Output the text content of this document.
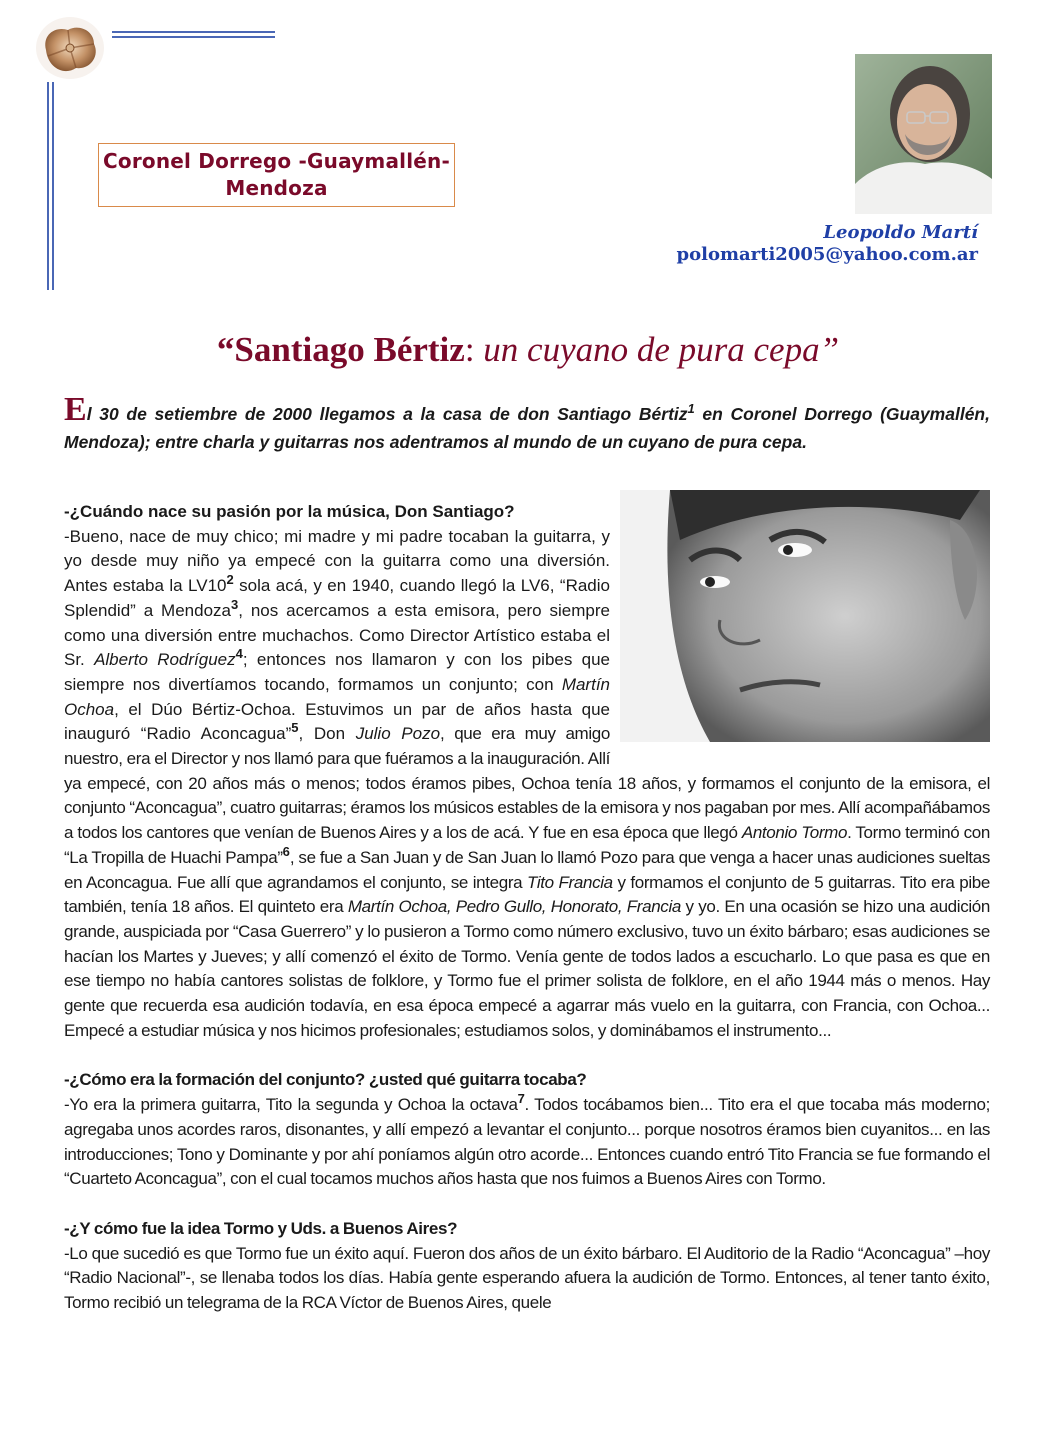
Coronel Dorrego -Guaymallén-
Mendoza
Leopoldo Martí
polomarti2005@yahoo.com.ar
“Santiago Bértiz: un cuyano de pura cepa”
El 30 de setiembre de 2000 llegamos a la casa de don Santiago Bértiz$^1$ en Coronel Dorrego (Guaymallén, Mendoza); entre charla y guitarras nos adentramos al mundo de un cuyano de pura cepa.

-¿Cuándo nace su pasión por la música, Don Santiago?

-Bueno, nace de muy chico; mi madre y mi padre tocaban la guitarra, y yo desde muy niño ya empecé con la guitarra como una diversión. Antes estaba la $LV10^2$ sola acá, y en 1940, cuando llegó la LV6, “Radio Splendid” a Mendoza$^3$, nos acercamos a esta emisora, pero siempre como una diversión entre muchachos. Como Director Artístico estaba el Sr. Alberto Rodríguez$^4$; entonces nos llamaron y con los pibes que siempre nos divertíamos tocando, formamos un conjunto; con Martín Ochoa, el Dúo Bértiz-Ochoa. Estuvimos un par de años hasta que inauguró “Radio Aconcagua”$^5$, Don Julio Pozo, que era muy amigo nuestro, era el Director y nos llamó para que fuéramos a la inauguración. Allí ya empecé, con 20 años más o menos; todos éramos pibes, Ochoa tenía 18 años, y formamos el conjunto de la emisora, el conjunto “Aconcagua”, cuatro guitarras; éramos los músicos estables de la emisora y nos pagaban por mes. Allí acompañábamos a todos los cantores que venían de Buenos Aires y a los de acá. Y fue en esa época que llegó Antonio Tormo. Tormo terminó con “La Tropilla de Huachi Pampa”$^6$, se fue a San Juan y de San Juan lo llamó Pozo para que venga a hacer unas audiciones sueltas en Aconcagua. Fue allí que agrandamos el conjunto, se integra Tito Francia y formamos el conjunto de 5 guitarras. Tito era pibe también, tenía 18 años. El quinteto era Martín Ochoa, Pedro Gullo, Honorato, Francia y yo. En una ocasión se hizo una audición grande, auspiciada por “Casa Guerrero” y lo pusieron a Tormo como número exclusivo, tuvo un éxito bárbaro; esas audiciones se hacían los Martes y Jueves; y allí comenzó el éxito de Tormo. Venía gente de todos lados a escucharlo. Lo que pasa es que en ese tiempo no había cantores solistas de folklore, y Tormo fue el primer solista de folklore, en el año 1944 más o menos. Hay gente que recuerda esa audición todavía, en esa época empecé a agarrar más vuelo en la guitarra, con Francia, con Ochoa... Empecé a estudiar música y nos hicimos profesionales; estudiamos solos, y dominábamos el instrumento...

-¿Cómo era la formación del conjunto? ¿usted qué guitarra tocaba?

-Yo era la primera guitarra, Tito la segunda y Ochoa la octava$^7$. Todos tocábamos bien... Tito era el que tocaba más moderno; agregaba unos acordes raros, disonantes, y allí empezó a levantar el conjunto... porque nosotros éramos bien cuyanitos... en las introducciones; Tono y Dominante y por ahí poníamos algún otro acorde... Entonces cuando entró Tito Francia se fue formando el “Cuarteto Aconcagua”, con el cual tocamos muchos años hasta que nos fuimos a Buenos Aires con Tormo.

-¿Y cómo fue la idea Tormo y Uds. a Buenos Aires?

-Lo que sucedió es que Tormo fue un éxito aquí. Fueron dos años de un éxito bárbaro. El Auditorio de la Radio “Aconcagua” –hoy “Radio Nacional”-, se llenaba todos los días. Había gente esperando afuera la audición de Tormo. Entonces, al tener tanto éxito, Tormo recibió un telegrama de la RCA Víctor de Buenos Aires, quele
